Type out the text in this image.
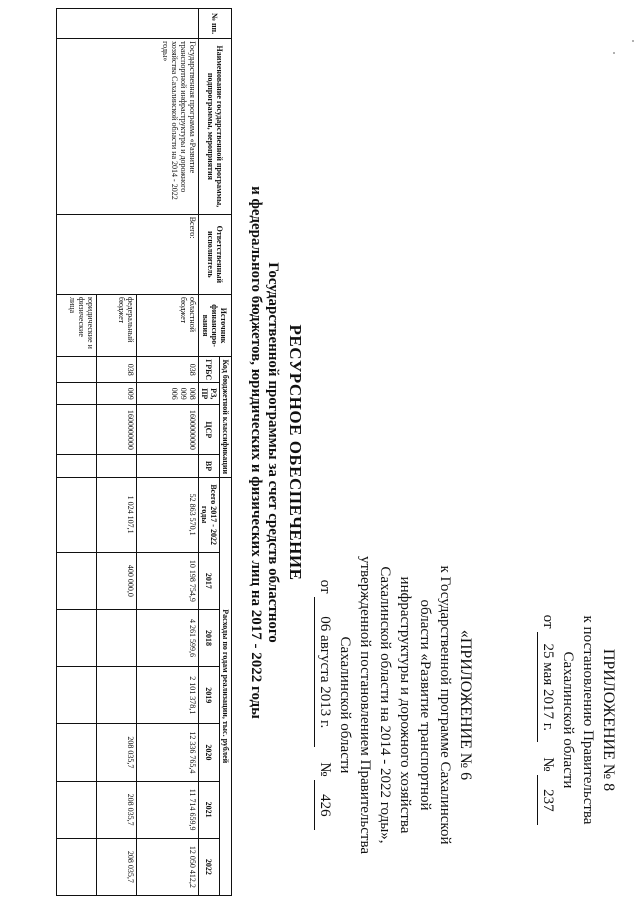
ПРИЛОЖЕНИЕ № 8
к постановлению Правительства
Сахалинской области
от 25 мая 2017 г.    № 237
«ПРИЛОЖЕНИЕ № 6
к Государственной программе Сахалинской
области «Развитие транспортной
инфраструктуры и дорожного хозяйства
Сахалинской области на 2014 - 2022 годы»,
утвержденной постановлением Правительства
Сахалинской области
от 06 августа 2013 г.    № 426
РЕСУРСНОЕ ОБЕСПЕЧЕНИЕ
Государственной программы за счет средств областного
и федерального бюджетов, юридических и физических лиц на 2017 - 2022 годы
№ пп.	Наименование государственной программы, подпрограммы, мероприятия	Ответственный исполнитель	Источник финансиро-вания	Код бюджетной классификации				Расходы по годам реализации, тыс. рублей						
				ГРБС	РЗ, ПР	ЦСР	ВР	Всего 2017 - 2022 годы	2017	2018	2019	2020	2021	2022
	Государственная программа «Развитие транспортной инфраструктуры и дорожного хозяйства Сахалинской области на 2014 - 2022 годы»	Всего:	областной бюджет	038	008 009 006	1600000000		52 863 570,1	10 198 754,9	4 261 599,6	2 101 378,1	12 336 765,4	11 714 659,9	12 050 412,2
			федеральный бюджет	038	009	1600000000		1 024 107,1	400 000,0			208 035,7	208 035,7	208 035,7
			юридические и физические лица											
